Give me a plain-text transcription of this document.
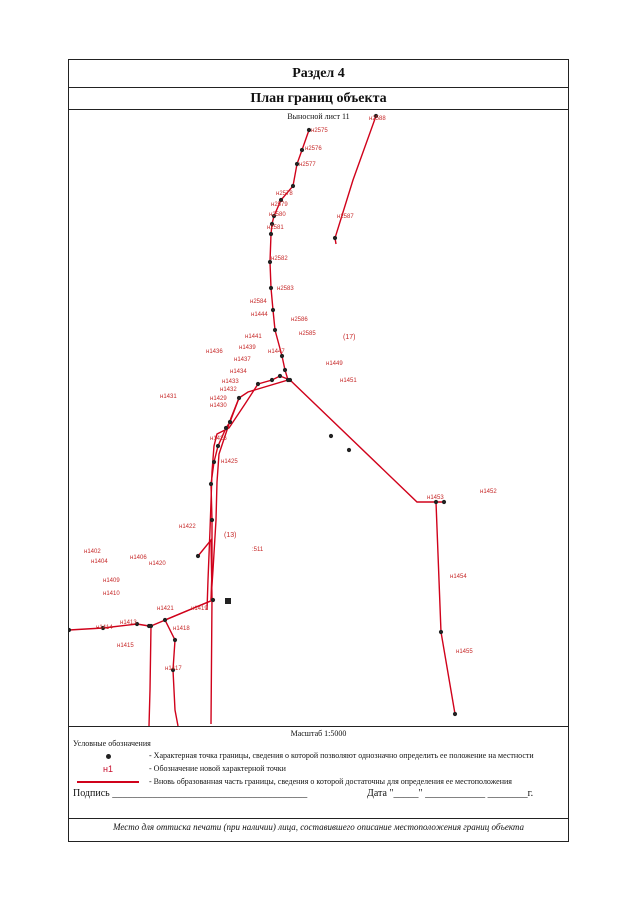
Раздел 4
План границ объекта
н2575
н2576
н2577
н2578
н2579
н2580
н2581
н2582
н2583
н2584
н2586
н2585
н2587
н2588
н1444
н1441
н1439
н1436
н1437
н1434
н1433
н1432
н1429
н1430
н1431
н1447
н1449
н1451
н1426
н1425
н1422
н1453
н1452
н1454
н1455
н1402
н1404
н1406
н1420
н1409
н1410
н1419
н1421
н1413
н1414	н1418
н1415
н1417
(17)
(13)
:511
Выносной лист 11
Масштаб 1:5000
Условные обозначения
- Характерная точка границы, сведения о которой позволяют однозначно определить ее положение на местности
н1	- Обозначение новой характерной точки
- Вновь образованная часть границы, сведения о которой достаточны для определения ее местоположения
Подпись _______________________________________	Дата "_____" ____________ ________г.
Место для оттиска печати (при наличии) лица, составившего описание местоположения границ объекта
